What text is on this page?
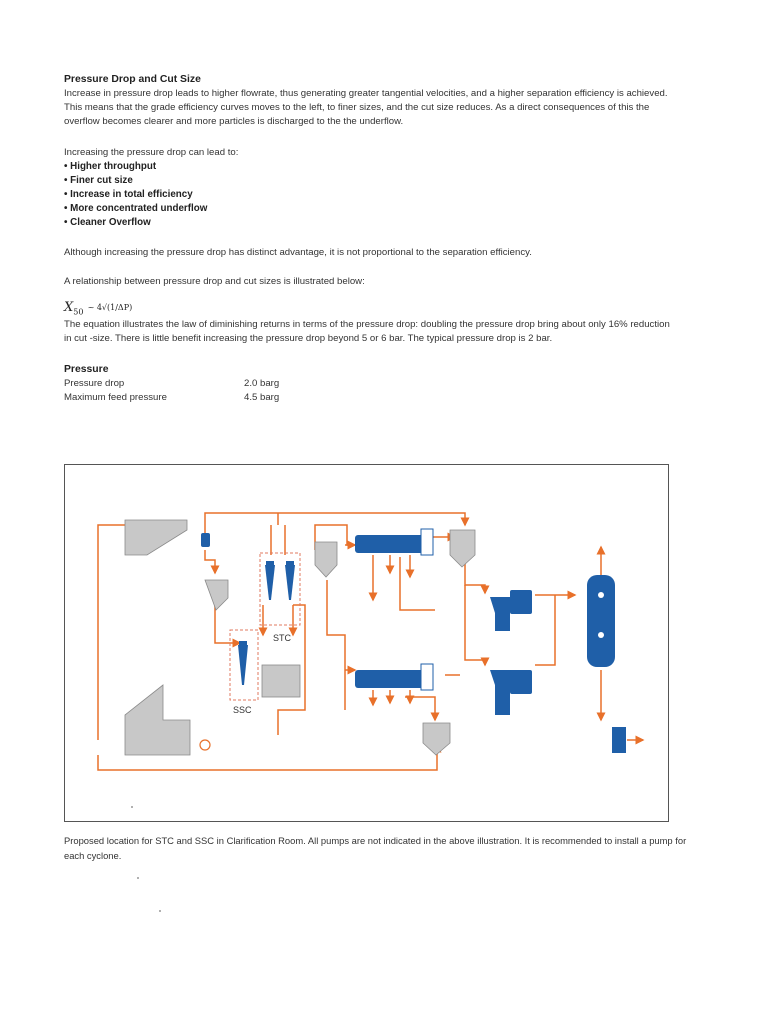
Pressure Drop and Cut Size
Increase in pressure drop leads to higher flowrate, thus generating greater tangential velocities, and a higher separation efficiency is achieved. This means that the grade efficiency curves moves to the left, to finer sizes, and the cut size reduces. As a direct consequences of this the overflow becomes clearer and more particles is discharged to the the underflow.
Increasing the pressure drop can lead to:
• Higher throughput
• Finer cut size
• Increase in total efficiency
• More concentrated underflow
• Cleaner Overflow
Although increasing the pressure drop has distinct advantage, it is not proportional to the separation efficiency.
A relationship between pressure drop and cut sizes is illustrated below:
$X_{50}$ ~ 4√(1/ΔP)
The equation illustrates the law of diminishing returns in terms of the pressure drop: doubling the pressure drop bring about only 16% reduction in cut -size. There is little benefit increasing the pressure drop beyond 5 or 6 bar. The typical pressure drop is 2 bar.
Pressure
Pressure drop	2.0 barg
Maximum feed pressure	4.5 barg
STC
SSC
Proposed location for STC and SSC in Clarification Room. All pumps are not indicated in the above illustration. It is recommended to install a pump for each cyclone.
